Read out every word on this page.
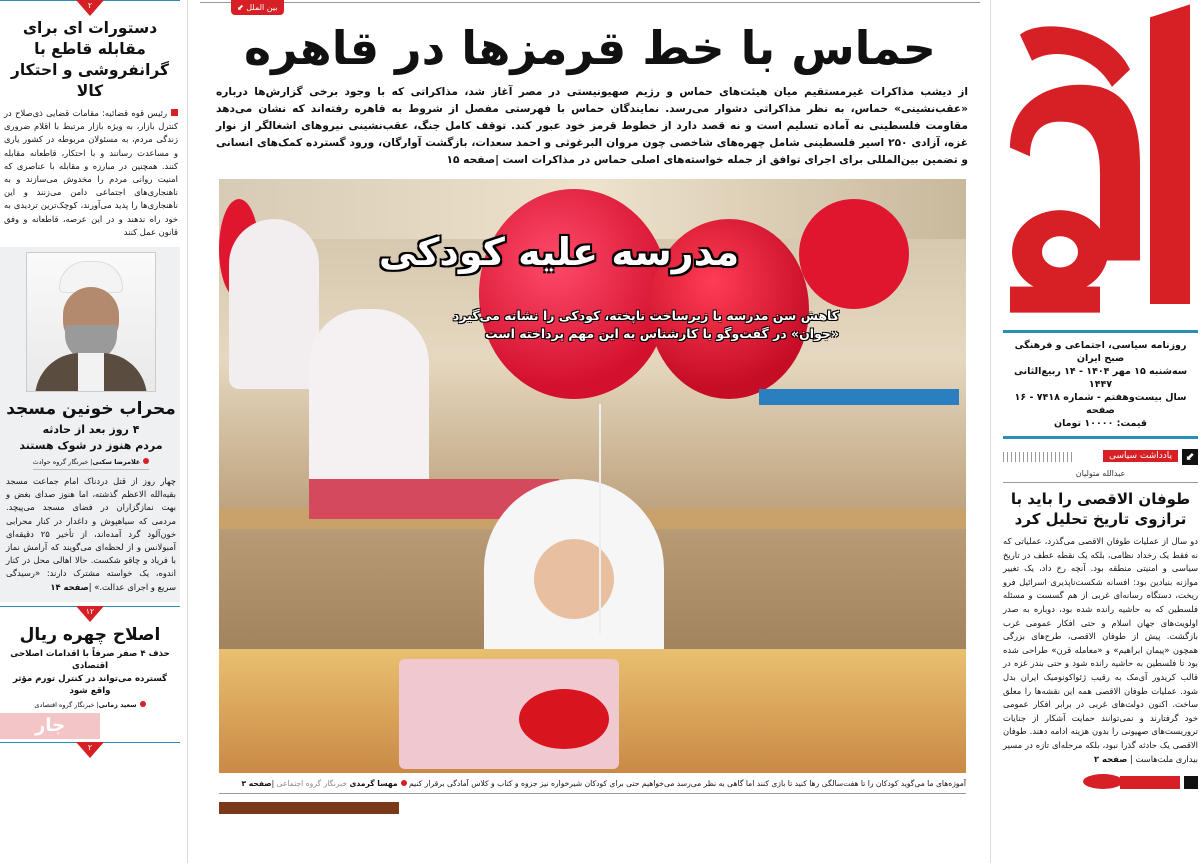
روزنامه سیاسی، اجتماعی و فرهنگی صبح ایران
سه‌شنبه ۱۵ مهر ۱۴۰۴ - ۱۴ ربیع‌الثانی ۱۴۴۷
سال بیست‌وهفتم - شماره ۷۴۱۸ - ۱۶ صفحه
قیمت: ۱۰۰۰۰ تومان
⬋
یادداشت سیاسی
عبدالله متولیان
طوفان الاقصی را باید با ترازوی تاریخ تحلیل کرد

دو سال از عملیات طوفان الاقصی می‌گذرد، عملیاتی که نه فقط یک رخداد نظامی، بلکه یک نقطه عطف در تاریخ سیاسی و امنیتی منطقه بود. آنچه رخ داد، یک تغییر موازنه بنیادین بود: افسانه شکست‌ناپذیری اسرائیل فرو ریخت، دستگاه رسانه‌ای غربی از هم گسست و مسئله فلسطین که به حاشیه رانده شده بود، دوباره به صدر اولویت‌های جهان اسلام و حتی افکار عمومی غرب بازگشت. پیش از طوفان الاقصی، طرح‌های بزرگی همچون «پیمان ابراهیم» و «معامله قرن» طراحی شده بود تا فلسطین به حاشیه رانده شود و حتی بندر غزه در قالب کریدور آی‌مک به رقیب ژئواکونومیک ایران بدل شود. عملیات طوفان الاقصی همه این نقشه‌ها را معلق ساخت. اکنون دولت‌های غربی در برابر افکار عمومی خود گرفتارند و نمی‌توانند حمایت آشکار از جنایات تروریست‌های صهیونی را بدون هزینه ادامه دهند. طوفان الاقصی یک حادثه گذرا نبود، بلکه مرحله‌ای تازه در مسیر بیداری ملت‌هاست | صفحه ۲

بین الملل ⬋
حماس با خط قرمزها در قاهره

از دیشب مذاکرات غیرمستقیم میان هیئت‌های حماس و رژیم صهیونیستی در مصر آغاز شد، مذاکراتی که با وجود برخی گزارش‌ها درباره «عقب‌نشینی» حماس، به نظر مذاکراتی دشوار می‌رسد. نمایندگان حماس با فهرستی مفصل از شروط به قاهره رفته‌اند که نشان می‌دهد مقاومت فلسطینی نه آماده تسلیم است و نه قصد دارد از خطوط قرمز خود عبور کند. توقف کامل جنگ، عقب‌نشینی نیروهای اشغالگر از نوار غزه، آزادی ۲۵۰ اسیر فلسطینی شامل چهره‌های شاخصی چون مروان البرغوثی و احمد سعدات، بازگشت آوارگان، ورود گسترده کمک‌های انسانی و تضمین بین‌المللی برای اجرای توافق از جمله خواسته‌های اصلی حماس در مذاکرات است |صفحه ۱۵

مدرسه علیه کودکی
کاهش سن مدرسه با زیرساخت ناپخته، کودکی را نشانه می‌گیرد
«جوان» در گفت‌وگو با کارشناس به این مهم پرداخته است
آموزه‌های ما می‌گوید کودکان را تا هفت‌سالگی رها کنید تا بازی کنند اما گاهی به نظر می‌رسد می‌خواهیم حتی برای کودکان شیرخواره نیز جزوه و کتاب و کلاس آمادگی برقرار کنیم مهسا گرمدی خبرنگار گروه اجتماعی |صفحه ۳
۲
دستورات ای برای مقابله قاطع با گرانفروشی و احتکار کالا

رئیس قوه قضائیه: مقامات قضایی ذی‌صلاح در کنترل بازار، به ویژه بازار مرتبط با اقلام ضروری زندگی مردم، به مسئولان مربوطه در کشور یاری و مساعدت رسانند و با احتکار، قاطعانه مقابله کنند. همچنین در مبارزه و مقابله با عناصری که امنیت روانی مردم را مخدوش می‌سازند و به ناهنجاری‌های اجتماعی دامن می‌زنند و این ناهنجاری‌ها را پدید می‌آورند، کوچک‌ترین تردیدی به خود راه ندهند و در این عرصه، قاطعانه و وفق قانون عمل کنند

محراب خونین مسجد
۴ روز بعد از حادثه
مردم هنوز در شوک هستند
غلامرضا سکنی| خبرنگار گروه حوادث

چهار روز از قتل دردناک امام جماعت مسجد بقیه‌الله الاعظم گذشته، اما هنوز صدای بغض و بهت نمازگزاران در فضای مسجد می‌پیچد. مردمی که سیاهپوش و داغدار در کنار محرابی خون‌آلود گرد آمده‌اند، از تأخیر ۲۵ دقیقه‌ای آمبولانس و از لحظه‌ای می‌گویند که آرامش نماز با فریاد و چاقو شکست. حالا اهالی محل در کنار اندوه، یک خواسته مشترک دارند: «رسیدگی سریع و اجرای عدالت.» |صفحه ۱۴

۱۲
اصلاح چهره ریال
حذف ۴ صفر صرفاً با اقدامات اصلاحی اقتصادی
گسترده می‌تواند در کنترل تورم مؤثر واقع شود
سعید زمانی| خبرنگار گروه اقتصادی
جار
۲
